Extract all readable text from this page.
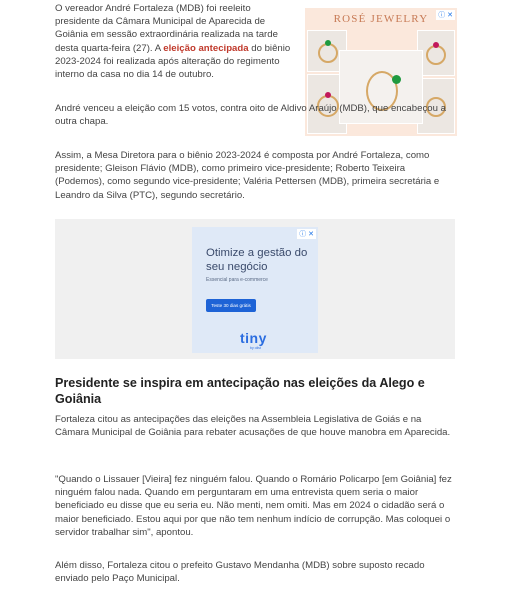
O vereador André Fortaleza (MDB) foi reeleito presidente da Câmara Municipal de Aparecida de Goiânia em sessão extraordinária realizada na tarde desta quarta-feira (27). A eleição antecipada do biênio 2023-2024 foi realizada após alteração do regimento interno da casa no dia 14 de outubro.

ROSÉ JEWELRY	ⓘ ✕

André venceu a eleição com 15 votos, contra oito de Aldivo Araújo (MDB), que encabeçou a outra chapa.

Assim, a Mesa Diretora para o biênio 2023-2024 é composta por André Fortaleza, como presidente; Gleison Flávio (MDB), como primeiro vice-presidente; Roberto Teixeira (Podemos), como segundo vice-presidente; Valéria Pettersen (MDB), primeira secretária e Leandro da Silva (PTC), segundo secretário.

ⓘ ✕
Otimize a gestão do seu negócio
Essencial para e-commerce
Teste 30 dias grátis
tiny
by olist
Presidente se inspira em antecipação nas eleições da Alego e Goiânia

Fortaleza citou as antecipações das eleições na Assembleia Legislativa de Goiás e na Câmara Municipal de Goiânia para rebater acusações de que houve manobra em Aparecida.

"Quando o Lissauer [Vieira] fez ninguém falou. Quando o Romário Policarpo [em Goiânia] fez ninguém falou nada. Quando em perguntaram em uma entrevista quem seria o maior beneficiado eu disse que eu seria eu. Não menti, nem omiti. Mas em 2024 o cidadão será o maior beneficiado. Estou aqui por que não tem nenhum indício de corrupção. Mas coloquei o servidor trabalhar sim", apontou.

Além disso, Fortaleza citou o prefeito Gustavo Mendanha (MDB) sobre suposto recado enviado pelo Paço Municipal.
